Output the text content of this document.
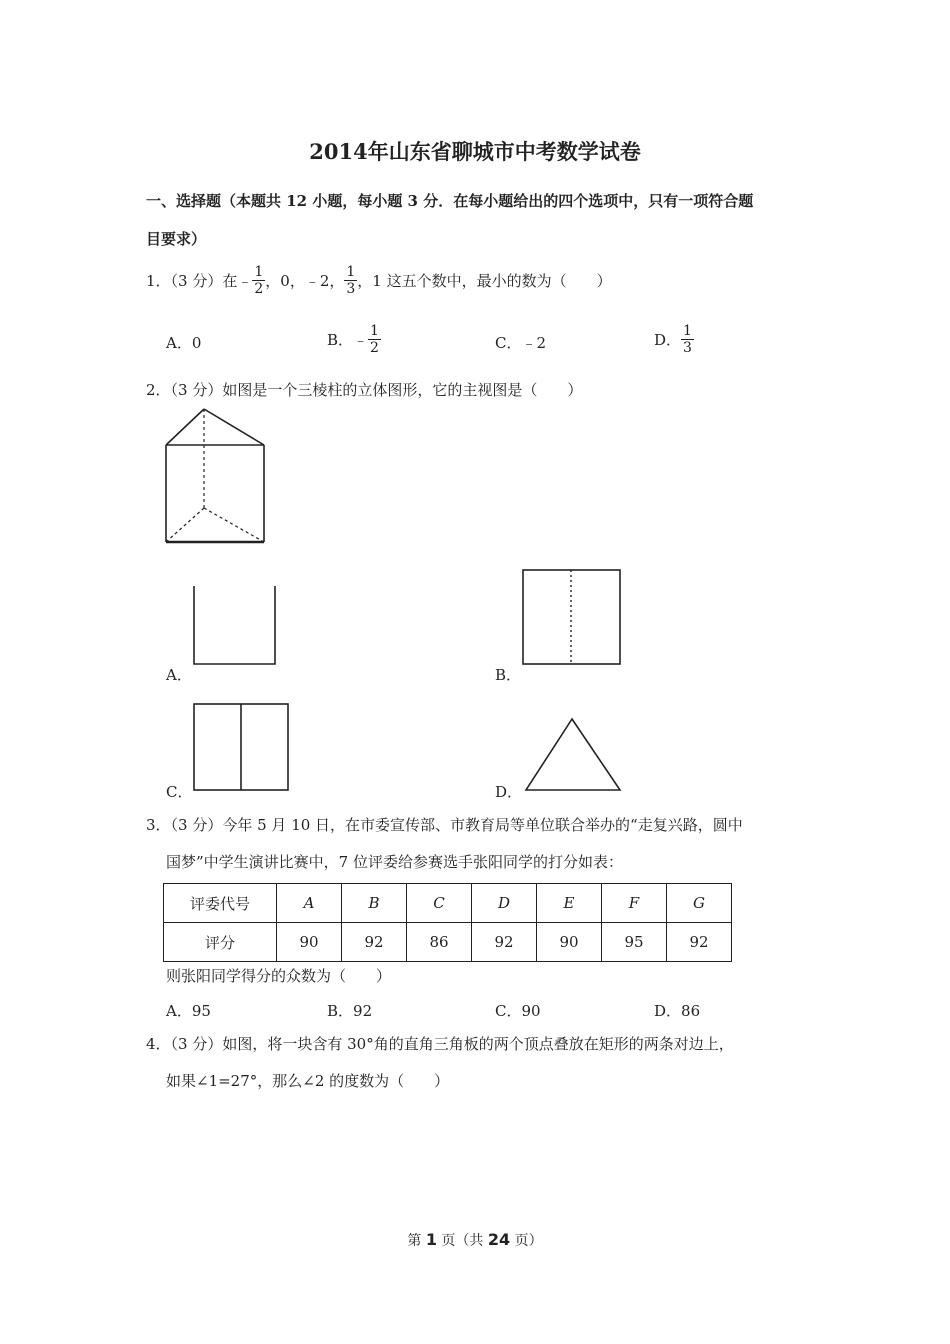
2014年山东省聊城市中考数学试卷
一、选择题（本题共 12 小题，每小题 3 分．在每小题给出的四个选项中，只有一项符合题
目要求）
1．（3 分）在﹣ $\frac{1}{2}$ ，0，﹣2， $\frac{1}{3}$ ，1 这五个数中，最小的数为（　　）
A．0	B．﹣ $\frac{1}{2}$	C．﹣2	D． $\frac{1}{3}$
2．（3 分）如图是一个三棱柱的立体图形，它的主视图是（　　）
A．	B．
C．	D．
3．（3 分）今年 5 月 10 日，在市委宣传部、市教育局等单位联合举办的“走复兴路，圆中
国梦”中学生演讲比赛中，7 位评委给参赛选手张阳同学的打分如表：
评委代号	A	B	C	D	E	F	G
评分	90	92	86	92	90	95	92
则张阳同学得分的众数为（　　）
A．95	B．92	C．90	D．86
4．（3 分）如图，将一块含有 30°角的直角三角板的两个顶点叠放在矩形的两条对边上，
如果∠1=27°，那么∠2 的度数为（　　）
第 1 页（共 24 页）
